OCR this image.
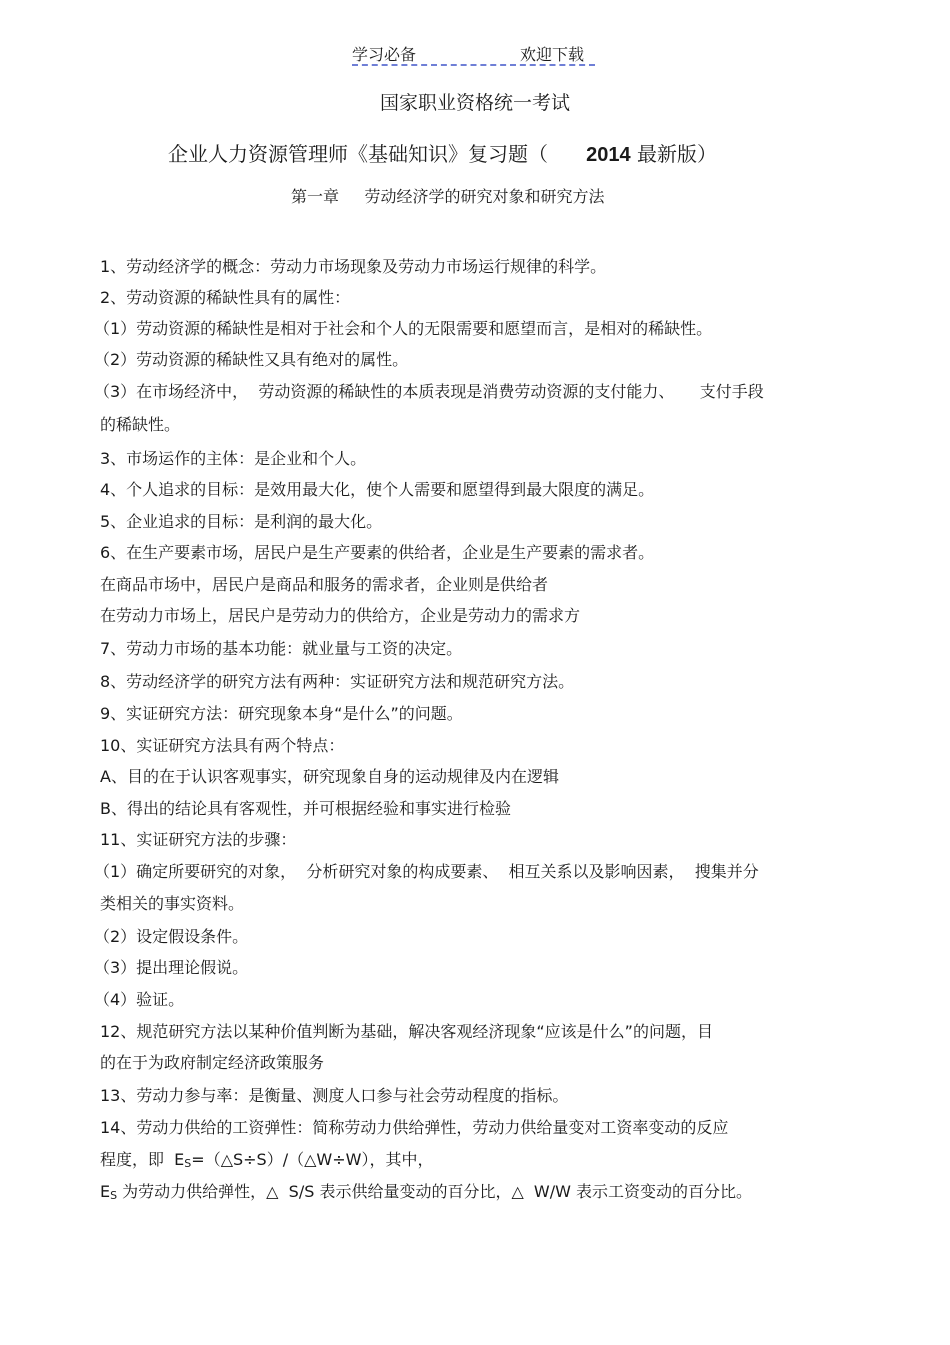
学习必备	欢迎下载
国家职业资格统一考试
企业人力资源管理师《基础知识》复习题（ 2014 最新版）
第一章 劳动经济学的研究对象和研究方法
1、劳动经济学的概念：劳动力市场现象及劳动力市场运行规律的科学。
2、劳动资源的稀缺性具有的属性：
（1）劳动资源的稀缺性是相对于社会和个人的无限需要和愿望而言，是相对的稀缺性。
（2）劳动资源的稀缺性又具有绝对的属性。
（3）在市场经济中，  劳动资源的稀缺性的本质表现是消费劳动资源的支付能力、     支付手段
的稀缺性。
3、市场运作的主体：是企业和个人。
4、个人追求的目标：是效用最大化，使个人需要和愿望得到最大限度的满足。
5、企业追求的目标：是利润的最大化。
6、在生产要素市场，居民户是生产要素的供给者，企业是生产要素的需求者。
在商品市场中，居民户是商品和服务的需求者，企业则是供给者
在劳动力市场上，居民户是劳动力的供给方，企业是劳动力的需求方
7、劳动力市场的基本功能：就业量与工资的决定。
8、劳动经济学的研究方法有两种：实证研究方法和规范研究方法。
9、实证研究方法：研究现象本身“是什么”的问题。
10、实证研究方法具有两个特点：
A、目的在于认识客观事实，研究现象自身的运动规律及内在逻辑
B、得出的结论具有客观性，并可根据经验和事实进行检验
11、实证研究方法的步骤：
（1）确定所要研究的对象，  分析研究对象的构成要素、  相互关系以及影响因素，  搜集并分
类相关的事实资料。
（2）设定假设条件。
（3）提出理论假说。
（4）验证。
12、规范研究方法以某种价值判断为基础，解决客观经济现象“应该是什么”的问题，目
的在于为政府制定经济政策服务
13、劳动力参与率：是衡量、测度人口参与社会劳动程度的指标。
14、劳动力供给的工资弹性：简称劳动力供给弹性，劳动力供给量变对工资率变动的反应
程度，即  ES=（△S÷S）/（△W÷W），其中，
ES 为劳动力供给弹性，△  S/S 表示供给量变动的百分比，△  W/W 表示工资变动的百分比。
